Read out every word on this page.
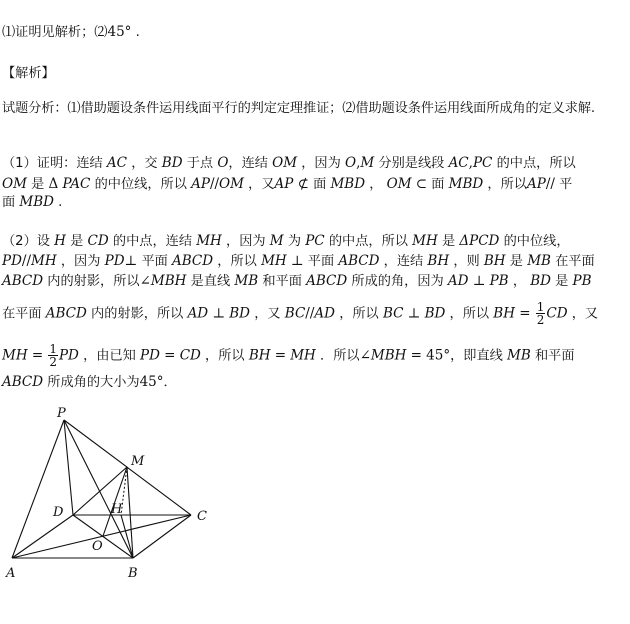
⑴证明见解析；⑵45° .
【解析】
试题分析：⑴借助题设条件运用线面平行的判定定理推证；⑵借助题设条件运用线面所成角的定义求解.
（1）证明：连结 AC ，交 BD 于点 O，连结 OM ，因为 O,M 分别是线段 AC,PC 的中点，所以
OM 是 Δ PAC 的中位线，所以 AP//OM ，又AP ⊄ 面 MBD ， OM ⊂ 面 MBD ，所以AP// 平
面 MBD .
（2）设 H 是 CD 的中点，连结 MH ，因为 M 为 PC 的中点，所以 MH 是 ΔPCD 的中位线，
PD//MH ，因为 PD⊥ 平面 ABCD ，所以 MH ⊥ 平面 ABCD ，连结 BH ，则 BH 是 MB 在平面
ABCD 内的射影，所以∠MBH 是直线 MB 和平面 ABCD 所成的角，因为 AD ⊥ PB ， BD 是 PB
在平面 ABCD 内的射影，所以 AD ⊥ BD ，又 BC//AD ，所以 BC ⊥ BD ，所以 BH = $\frac{1}{2}$ CD ，又
MH = $\frac{1}{2}$ PD ，由已知 PD = CD ，所以 BH = MH ．所以∠MBH = 45°，即直线 MB 和平面
ABCD 所成角的大小为45°．
P
M
D	H	C
O
A	B
